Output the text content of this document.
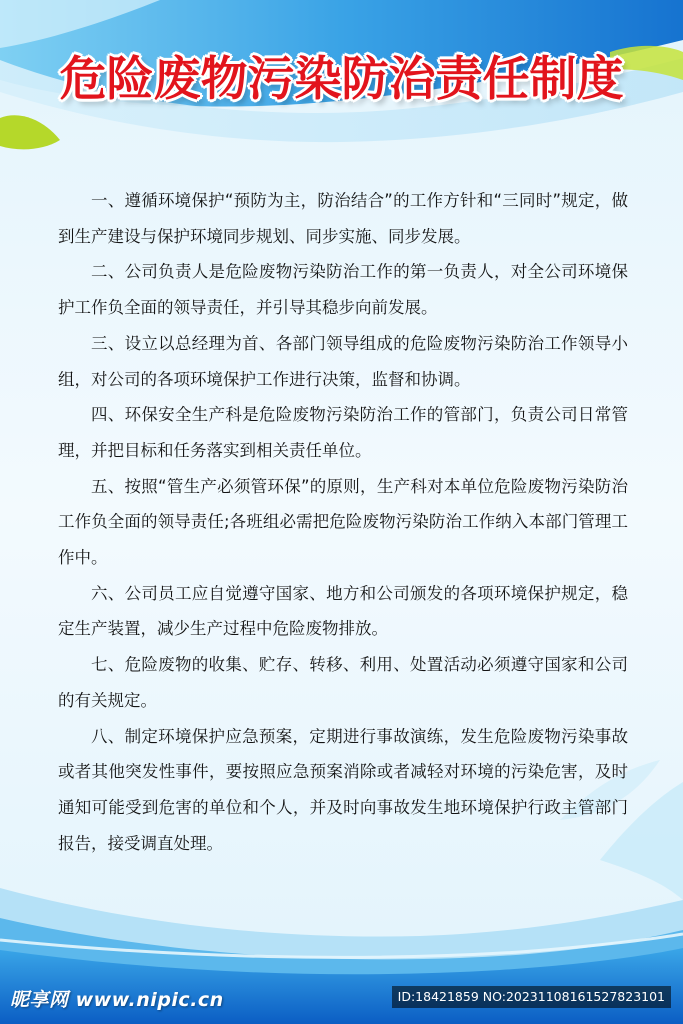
危险废物污染防治责任制度

一、遵循环境保护“预防为主，防治结合”的工作方针和“三同时”规定，做到生产建设与保护环境同步规划、同步实施、同步发展。

二、公司负责人是危险废物污染防治工作的第一负责人，对全公司环境保护工作负全面的领导责任，并引导其稳步向前发展。

三、设立以总经理为首、各部门领导组成的危险废物污染防治工作领导小组，对公司的各项环境保护工作进行决策，监督和协调。

四、环保安全生产科是危险废物污染防治工作的管部门，负责公司日常管理，并把目标和任务落实到相关责任单位。

五、按照“管生产必须管环保”的原则，生产科对本单位危险废物污染防治工作负全面的领导责任;各班组必需把危险废物污染防治工作纳入本部门管理工作中。

六、公司员工应自觉遵守国家、地方和公司颁发的各项环境保护规定，稳定生产装置，减少生产过程中危险废物排放。

七、危险废物的收集、贮存、转移、利用、处置活动必须遵守国家和公司的有关规定。

八、制定环境保护应急预案，定期进行事故演练，发生危险废物污染事故或者其他突发性事件，要按照应急预案消除或者减轻对环境的污染危害，及时通知可能受到危害的单位和个人，并及时向事故发生地环境保护行政主管部门报告，接受调直处理。

昵享网 www.nipic.cn	ID:18421859 NO:20231108161527823101
